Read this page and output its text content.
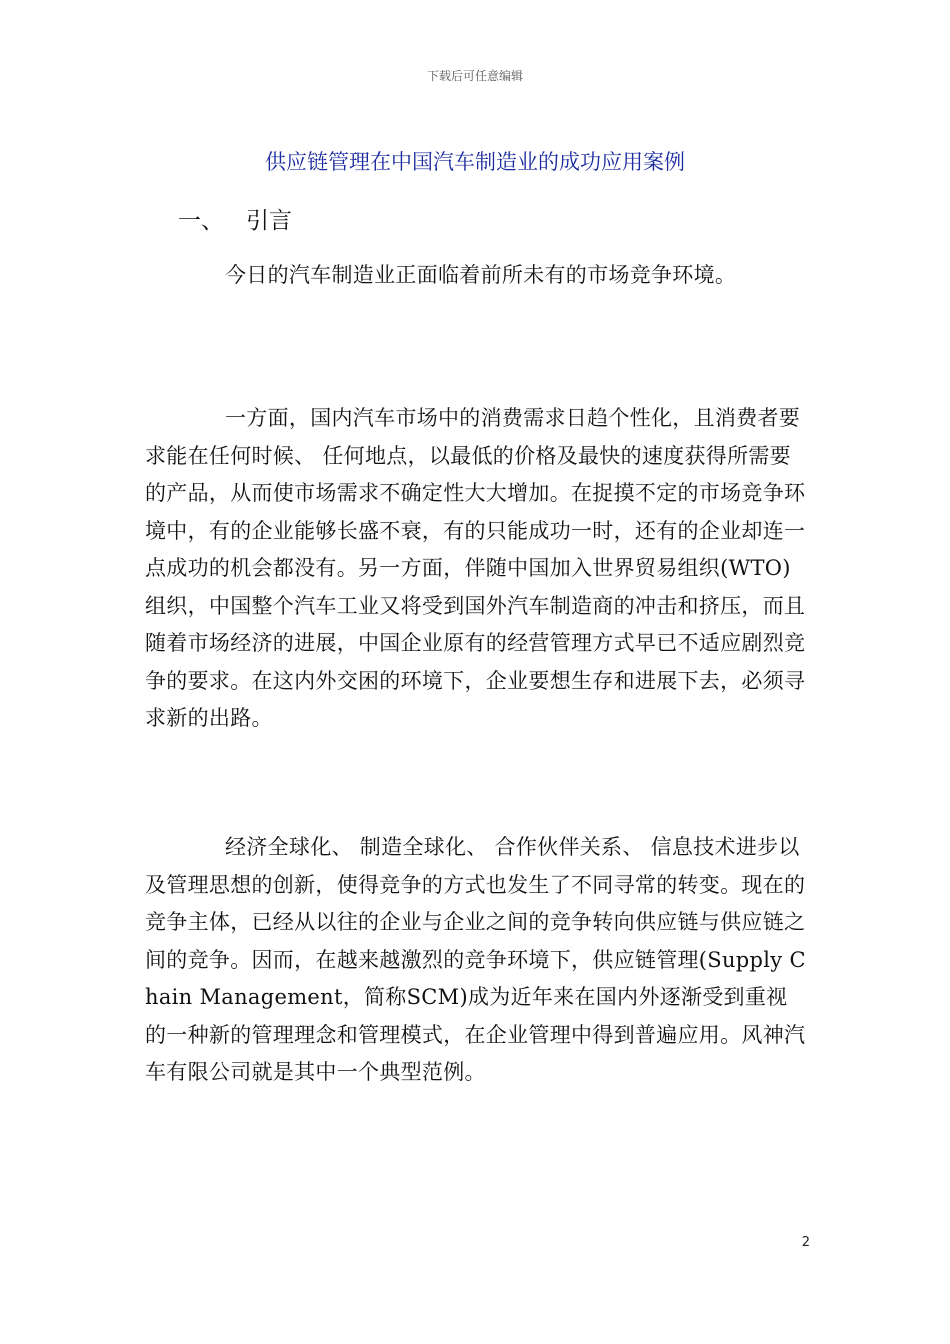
下载后可任意编辑
供应链管理在中国汽车制造业的成功应用案例
一、 引言

今日的汽车制造业正面临着前所未有的市场竞争环境。

一方面，国内汽车市场中的消费需求日趋个性化，且消费者要求能在任何时候、 任何地点，以最低的价格及最快的速度获得所需要的产品，从而使市场需求不确定性大大增加。在捉摸不定的市场竞争环境中，有的企业能够长盛不衰，有的只能成功一时，还有的企业却连一点成功的机会都没有。另一方面，伴随中国加入世界贸易组织(WTO)组织，中国整个汽车工业又将受到国外汽车制造商的冲击和挤压，而且随着市场经济的进展，中国企业原有的经营管理方式早已不适应剧烈竞争的要求。在这内外交困的环境下，企业要想生存和进展下去，必须寻求新的出路。

经济全球化、 制造全球化、 合作伙伴关系、 信息技术进步以及管理思想的创新，使得竞争的方式也发生了不同寻常的转变。现在的竞争主体，已经从以往的企业与企业之间的竞争转向供应链与供应链之间的竞争。因而，在越来越激烈的竞争环境下，供应链管理(Supply Chain Management，简称SCM)成为近年来在国内外逐渐受到重视的一种新的管理理念和管理模式，在企业管理中得到普遍应用。风神汽车有限公司就是其中一个典型范例。

2
